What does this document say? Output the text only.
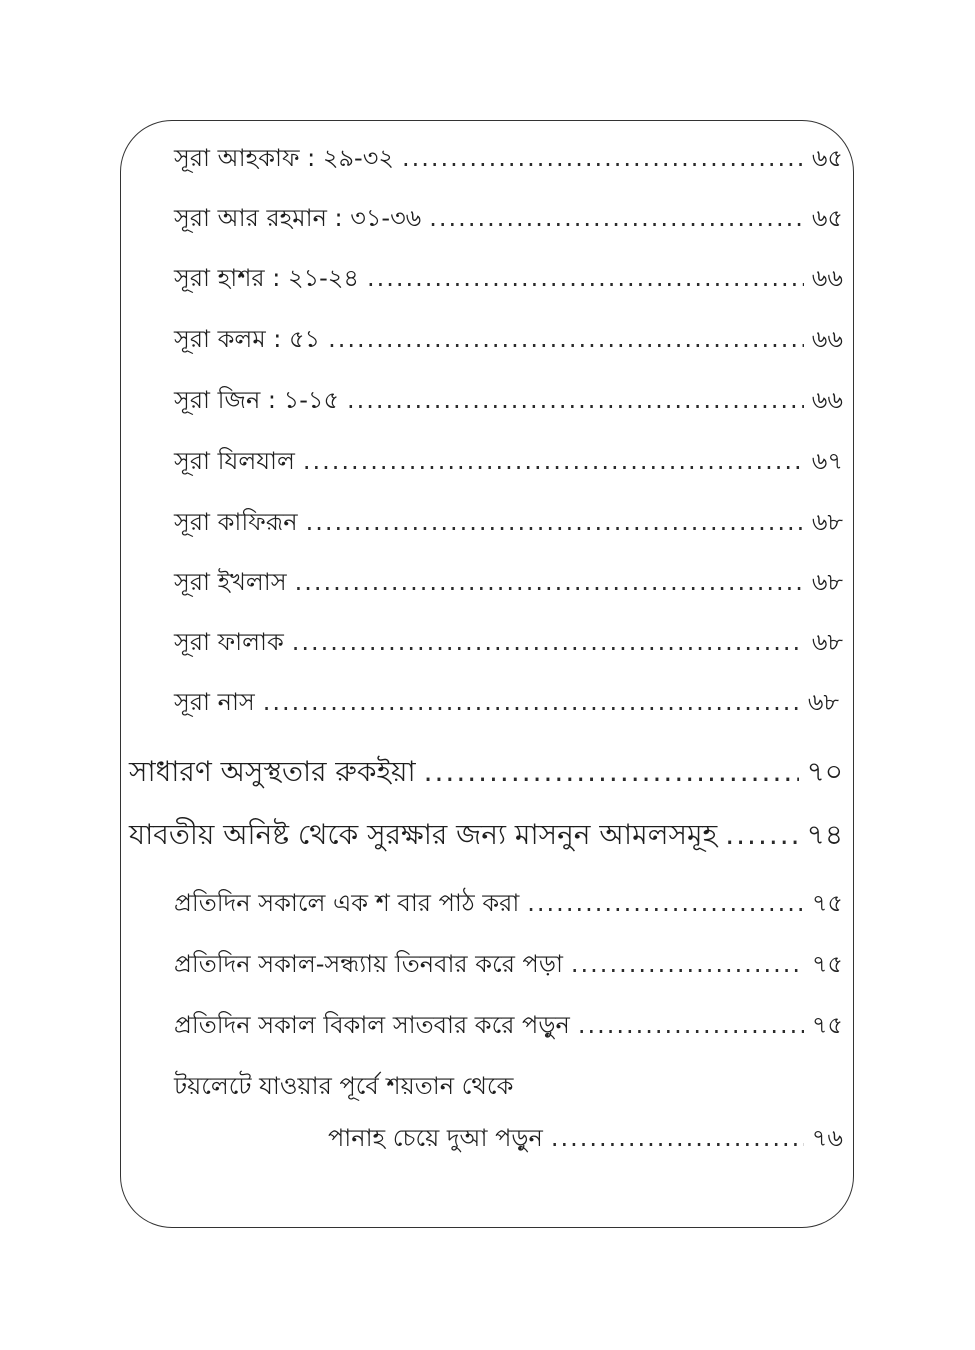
সূরা আহকাফ : ২৯-৩২ .....	৬৫
সূরা আর রহমান : ৩১-৩৬ .....	৬৫
সূরা হাশর : ২১-২৪ .....	৬৬
সূরা কলম : ৫১ .....	৬৬
সূরা জিন : ১-১৫ .....	৬৬
সূরা যিলযাল .....	৬৭
সূরা কাফিরূন .....	৬৮
সূরা ইখলাস .....	৬৮
সূরা ফালাক .....	৬৮
সূরা নাস .....	৬৮
সাধারণ অসুস্থতার রুকইয়া .....	৭০
যাবতীয় অনিষ্ট থেকে সুরক্ষার জন্য মাসনুন আমলসমূহ .....	৭৪
প্রতিদিন সকালে এক শ বার পাঠ করা .....	৭৫
প্রতিদিন সকাল-সন্ধ্যায় তিনবার করে পড়া .....	৭৫
প্রতিদিন সকাল বিকাল সাতবার করে পড়ুন .....	৭৫
টয়লেটে যাওয়ার পূর্বে শয়তান থেকে
পানাহ চেয়ে দুআ পড়ুন .....	৭৬
